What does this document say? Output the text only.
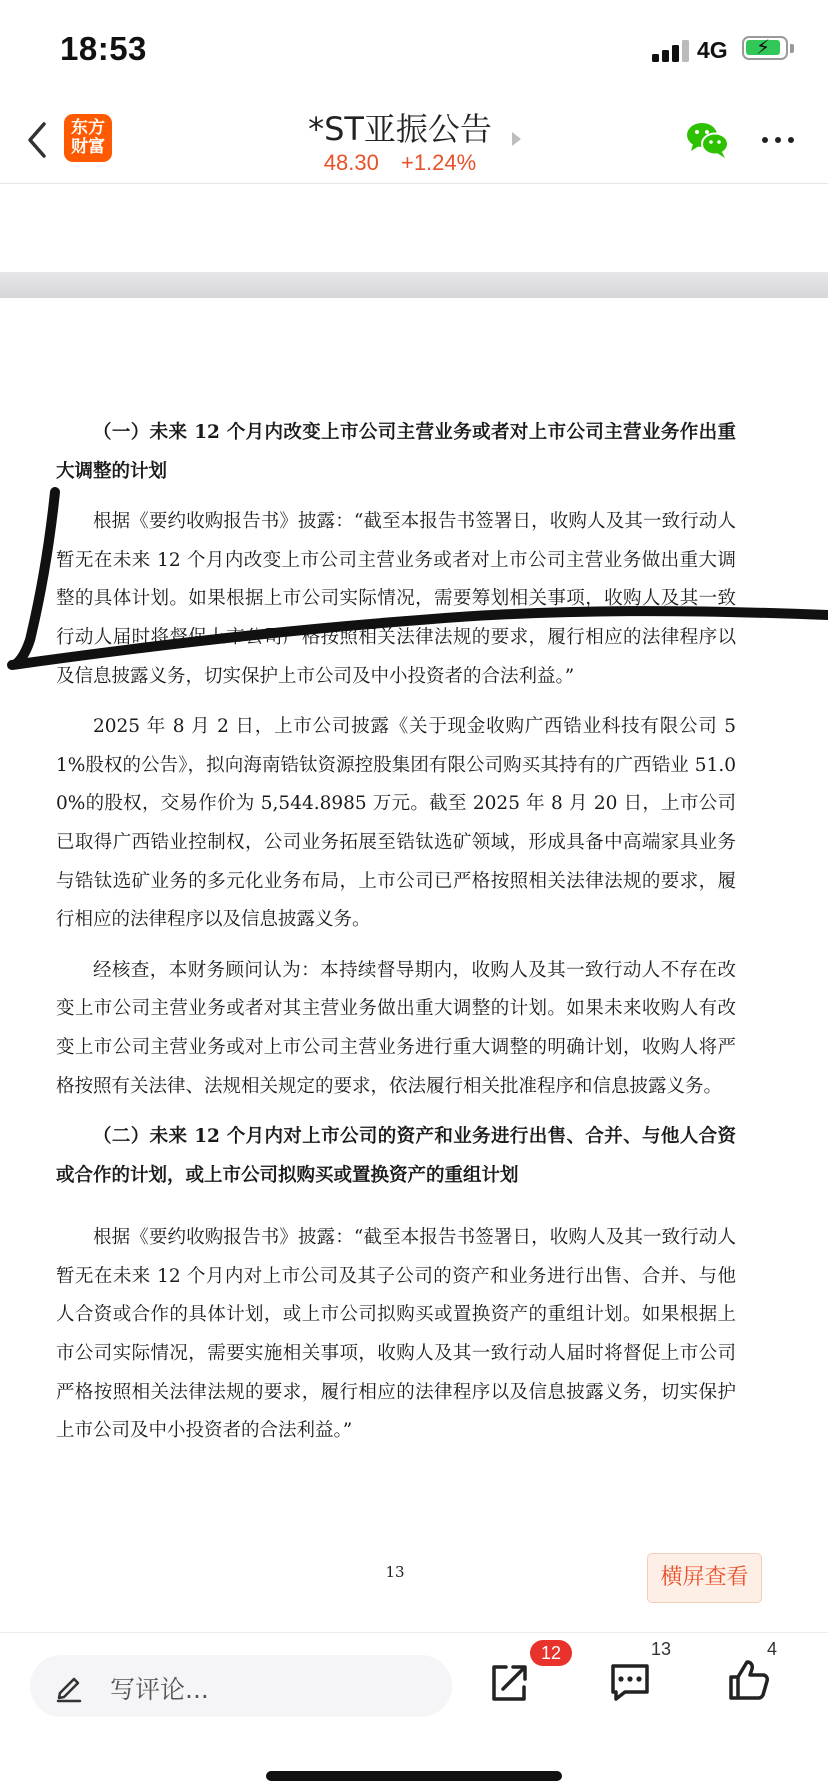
18:53	4G ⚡
东方
财富	*ST亚振公告
48.30 +1.24%
（一）未来 12 个月内改变上市公司主营业务或者对上市公司主营业务作出重大调整的计划

根据《要约收购报告书》披露：“截至本报告书签署日，收购人及其一致行动人暂无在未来 12 个月内改变上市公司主营业务或者对上市公司主营业务做出重大调整的具体计划。如果根据上市公司实际情况，需要筹划相关事项，收购人及其一致行动人届时将督促上市公司严格按照相关法律法规的要求，履行相应的法律程序以及信息披露义务，切实保护上市公司及中小投资者的合法利益。”

2025 年 8 月 2 日，上市公司披露《关于现金收购广西锆业科技有限公司 51%股权的公告》，拟向海南锆钛资源控股集团有限公司购买其持有的广西锆业 51.00%的股权，交易作价为 5,544.8985 万元。截至 2025 年 8 月 20 日，上市公司已取得广西锆业控制权，公司业务拓展至锆钛选矿领域，形成具备中高端家具业务与锆钛选矿业务的多元化业务布局，上市公司已严格按照相关法律法规的要求，履行相应的法律程序以及信息披露义务。

经核查，本财务顾问认为：本持续督导期内，收购人及其一致行动人不存在改变上市公司主营业务或者对其主营业务做出重大调整的计划。如果未来收购人有改变上市公司主营业务或对上市公司主营业务进行重大调整的明确计划，收购人将严格按照有关法律、法规相关规定的要求，依法履行相关批准程序和信息披露义务。

（二）未来 12 个月内对上市公司的资产和业务进行出售、合并、与他人合资或合作的计划，或上市公司拟购买或置换资产的重组计划

根据《要约收购报告书》披露：“截至本报告书签署日，收购人及其一致行动人暂无在未来 12 个月内对上市公司及其子公司的资产和业务进行出售、合并、与他人合资或合作的具体计划，或上市公司拟购买或置换资产的重组计划。如果根据上市公司实际情况，需要实施相关事项，收购人及其一致行动人届时将督促上市公司严格按照相关法律法规的要求，履行相应的法律程序以及信息披露义务，切实保护上市公司及中小投资者的合法利益。”

13	横屏查看
写评论...
12	13	4
